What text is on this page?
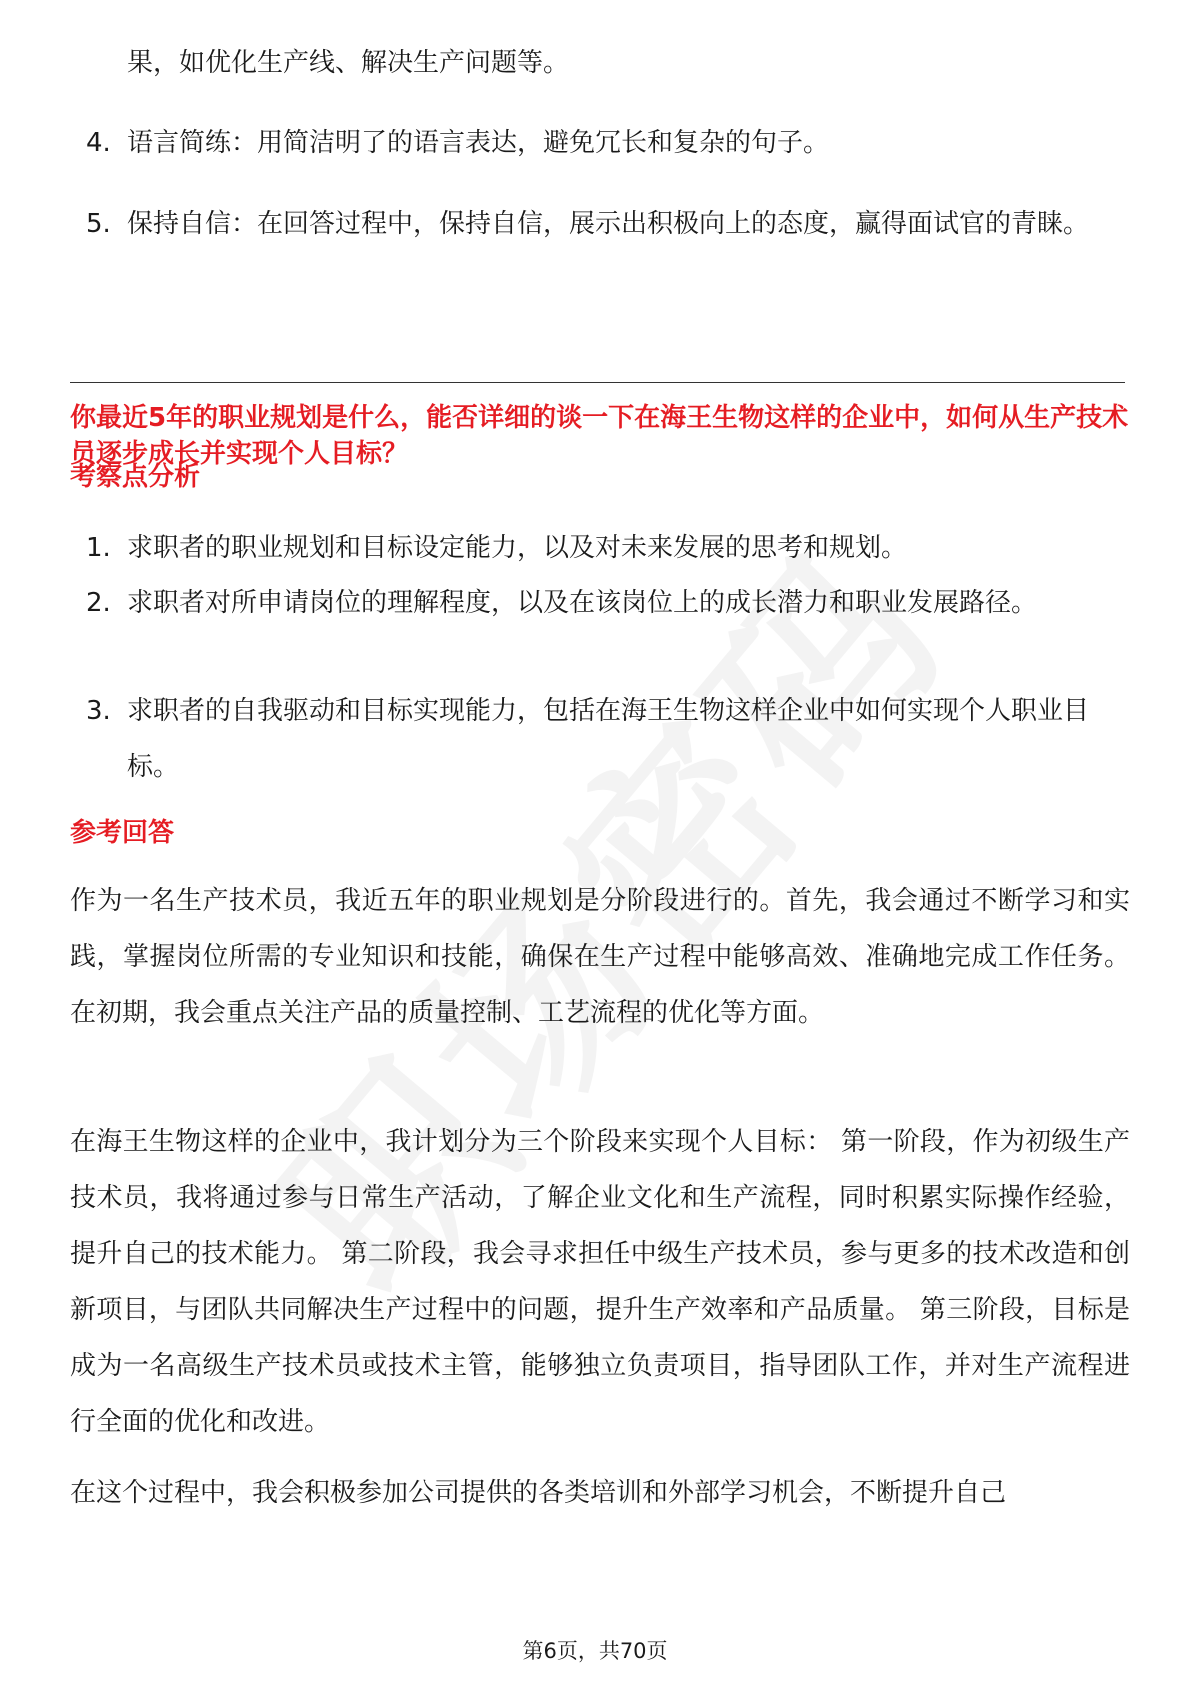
果，如优化生产线、解决生产问题等。
4. 语言简练：用简洁明了的语言表达，避免冗长和复杂的句子。
5. 保持自信：在回答过程中，保持自信，展示出积极向上的态度，赢得面试官的青睐。
你最近5年的职业规划是什么，能否详细的谈一下在海王生物这样的企业中，如何从生产技术员逐步成长并实现个人目标？
考察点分析
1. 求职者的职业规划和目标设定能力，以及对未来发展的思考和规划。
2. 求职者对所申请岗位的理解程度，以及在该岗位上的成长潜力和职业发展路径。
3. 求职者的自我驱动和目标实现能力，包括在海王生物这样企业中如何实现个人职业目标。
参考回答
作为一名生产技术员，我近五年的职业规划是分阶段进行的。首先，我会通过不断学习和实践，掌握岗位所需的专业知识和技能，确保在生产过程中能够高效、准确地完成工作任务。在初期，我会重点关注产品的质量控制、工艺流程的优化等方面。
在海王生物这样的企业中，我计划分为三个阶段来实现个人目标： 第一阶段，作为初级生产技术员，我将通过参与日常生产活动，了解企业文化和生产流程，同时积累实际操作经验，提升自己的技术能力。 第二阶段，我会寻求担任中级生产技术员，参与更多的技术改造和创新项目，与团队共同解决生产过程中的问题，提升生产效率和产品质量。 第三阶段，目标是成为一名高级生产技术员或技术主管，能够独立负责项目，指导团队工作，并对生产流程进行全面的优化和改进。
在这个过程中，我会积极参加公司提供的各类培训和外部学习机会，不断提升自己
第6页，共70页
